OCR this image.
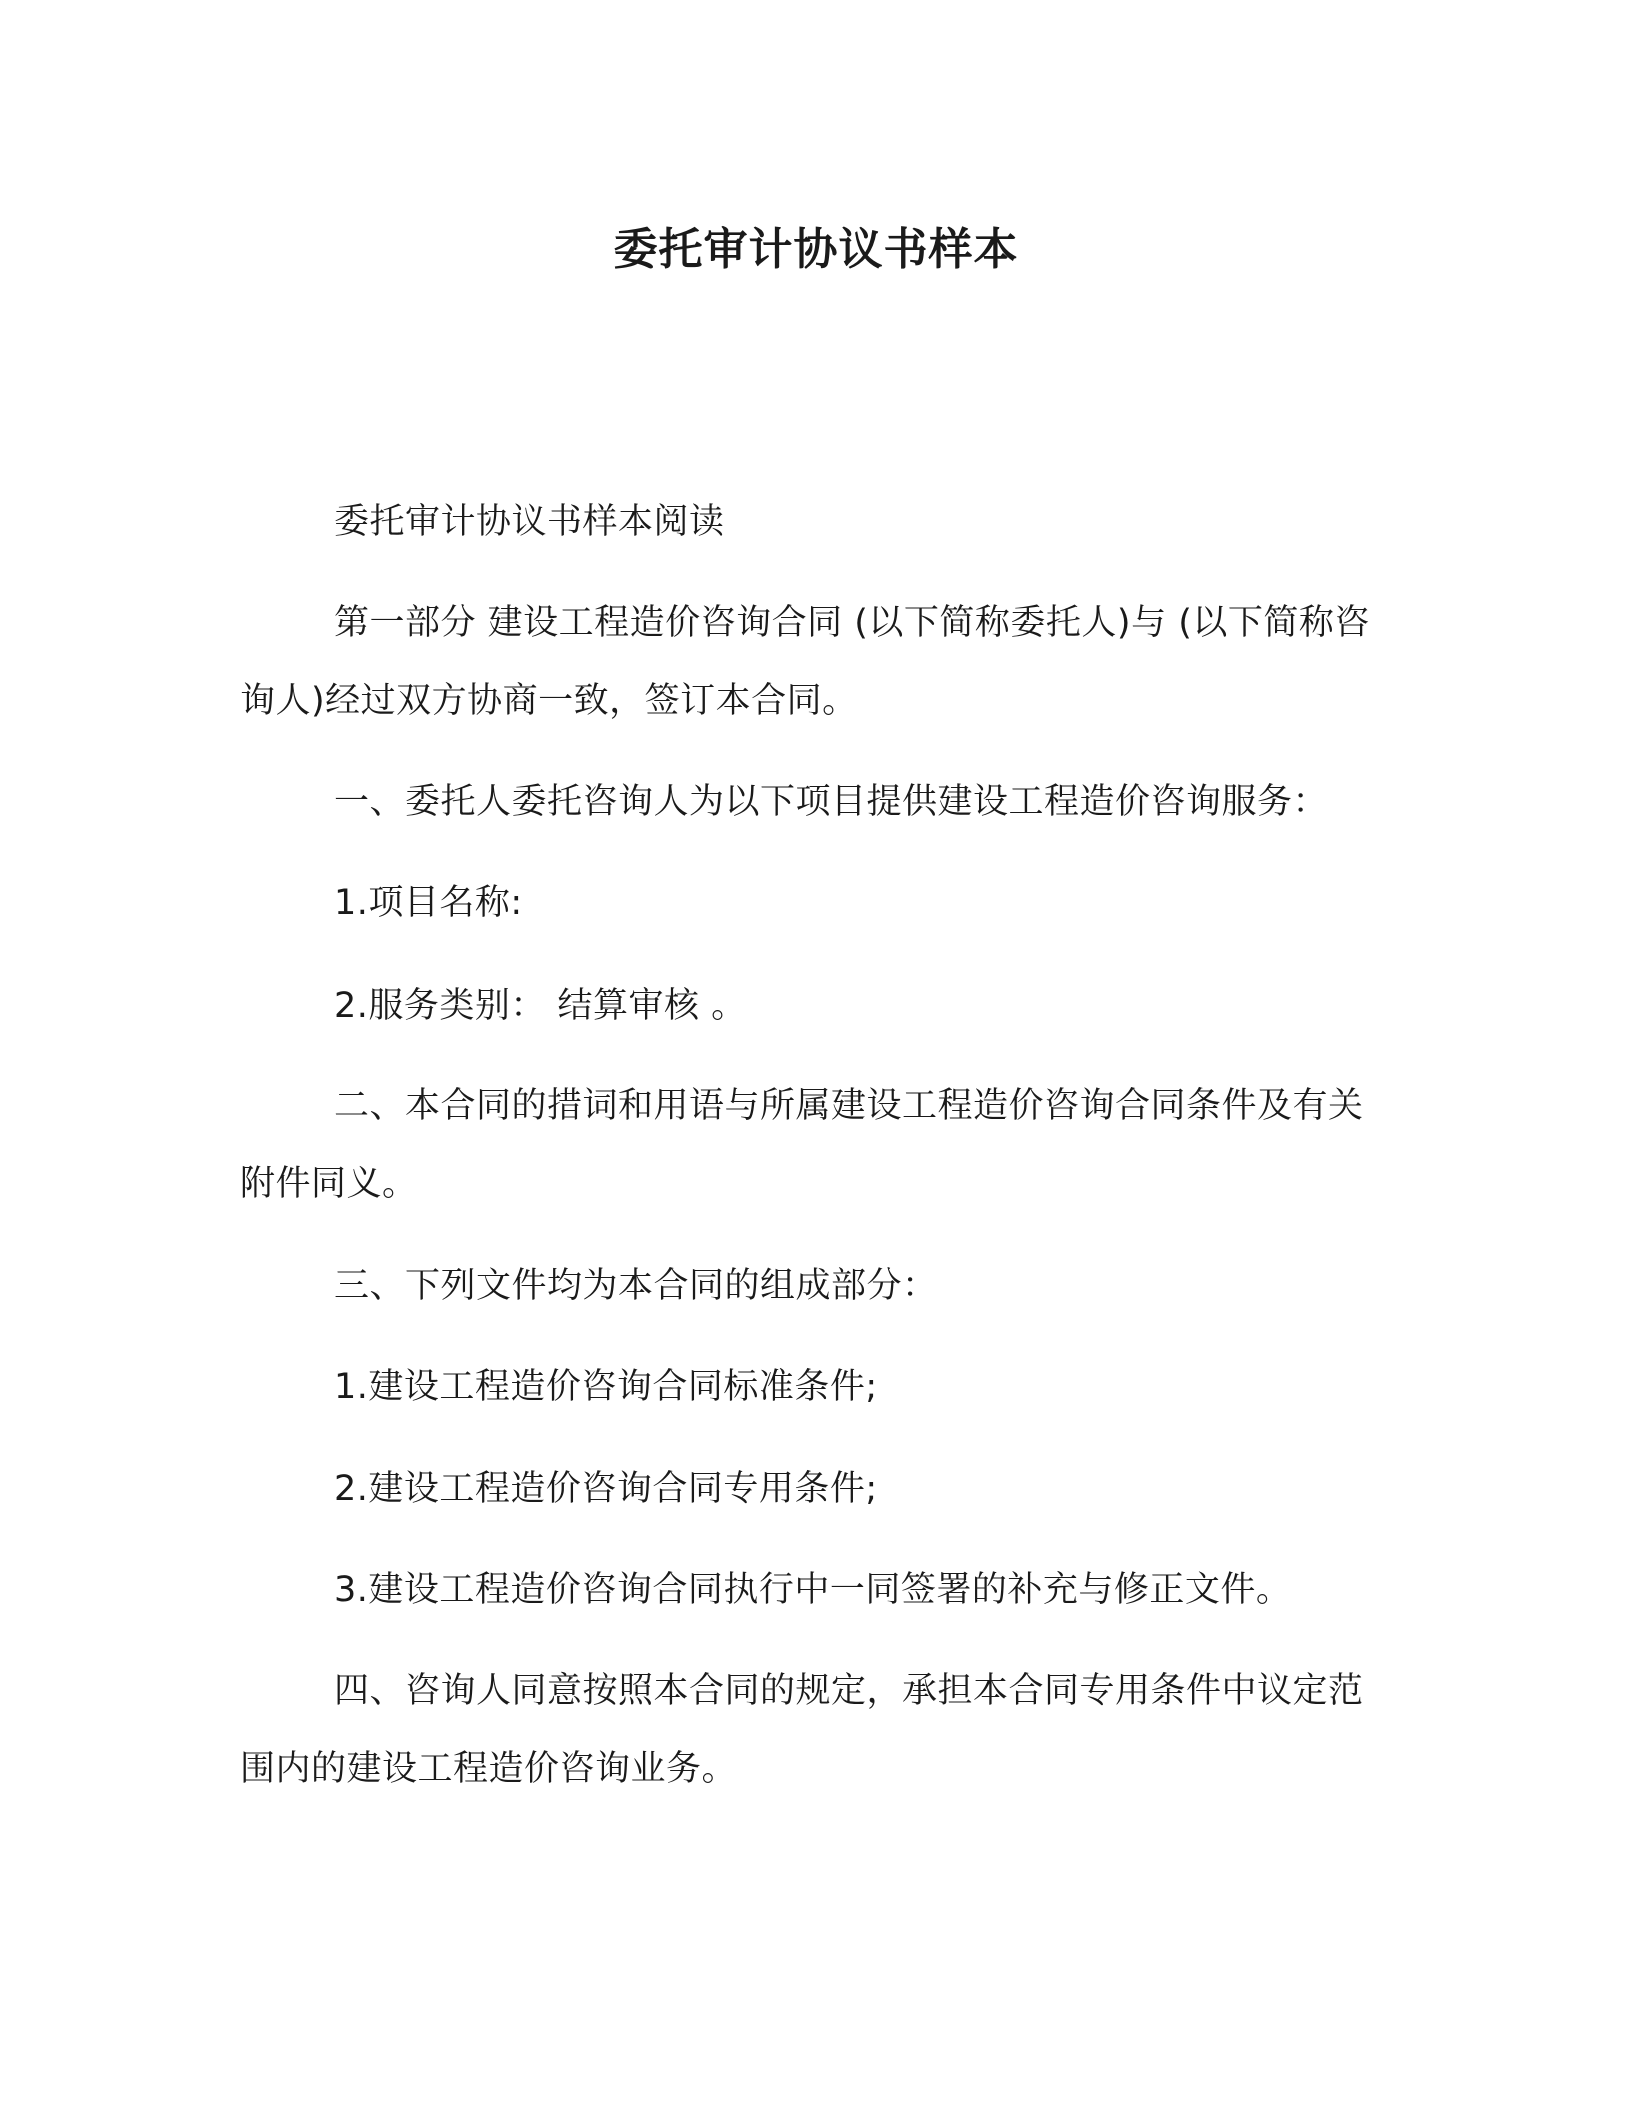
委托审计协议书样本

委托审计协议书样本阅读

第一部分 建设工程造价咨询合同 (以下简称委托人)与 (以下简称咨询人)经过双方协商一致，签订本合同。

一、委托人委托咨询人为以下项目提供建设工程造价咨询服务：

1.项目名称:

2.服务类别： 结算审核 。

二、本合同的措词和用语与所属建设工程造价咨询合同条件及有关附件同义。

三、下列文件均为本合同的组成部分：

1.建设工程造价咨询合同标准条件;

2.建设工程造价咨询合同专用条件;

3.建设工程造价咨询合同执行中一同签署的补充与修正文件。

四、咨询人同意按照本合同的规定，承担本合同专用条件中议定范围内的建设工程造价咨询业务。
